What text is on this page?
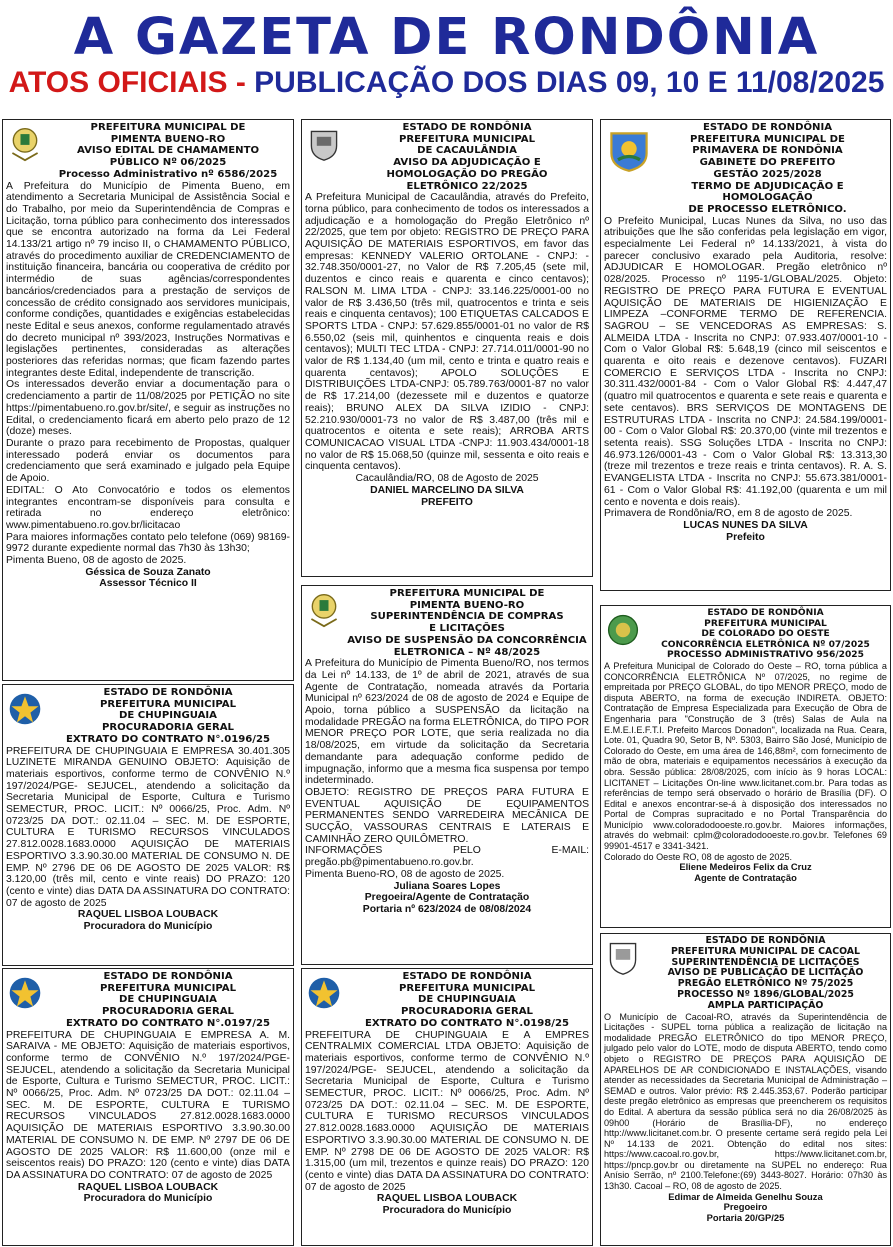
A GAZETA DE RONDÔNIA
ATOS OFICIAIS - PUBLICAÇÃO DOS DIAS 09, 10 E 11/08/2025
PREFEITURA MUNICIPAL DE
PIMENTA BUENO-RO
AVISO EDITAL DE CHAMAMENTO
PÚBLICO Nº 06/2025
Processo Administrativo nº 6586/2025
A Prefeitura do Município de Pimenta Bueno, em atendimento a Secretaria Municipal de Assistência Social e do Trabalho, por meio da Superintendência de Compras e Licitação, torna público para conhecimento dos interessados que se encontra autorizado na forma da Lei Federal 14.133/21 artigo nº 79 inciso II, o CHAMAMENTO PÚBLICO, através do procedimento auxiliar de CREDENCIAMENTO de instituição financeira, bancária ou cooperativa de crédito por intermédio de suas agências/correspondentes bancários/credenciados para a prestação de serviços de concessão de crédito consignado aos servidores municipais, conforme condições, quantidades e exigências estabelecidas neste Edital e seus anexos, conforme regulamentado através do decreto municipal nº 393/2023, Instruções Normativas e legislações pertinentes, consideradas as alterações posteriores das referidas normas; que ficam fazendo partes integrantes deste Edital, independente de transcrição.
Os interessados deverão enviar a documentação para o credenciamento a partir de 11/08/2025 por PETIÇÃO no site https://pimentabueno.ro.gov.br/site/, e seguir as instruções no Edital, o credenciamento ficará em aberto pelo prazo de 12 (doze) meses.
Durante o prazo para recebimento de Propostas, qualquer interessado poderá enviar os documentos para credenciamento que será examinado e julgado pela Equipe de Apoio.
EDITAL: O Ato Convocatório e todos os elementos integrantes encontram-se disponíveis para consulta e retirada no endereço eletrônico: www.pimentabueno.ro.gov.br/licitacao
Para maiores informações contato pelo telefone (069) 98169-9972 durante expediente normal das 7h30 às 13h30;
Pimenta Bueno, 08 de agosto de 2025.
Géssica de Souza Zanato
Assessor Técnico II
ESTADO DE RONDÔNIA
PREFEITURA MUNICIPAL
DE CHUPINGUAIA
PROCURADORIA GERAL
EXTRATO DO CONTRATO N°.0196/25
PREFEITURA DE CHUPINGUAIA E EMPRESA 30.401.305 LUZINETE MIRANDA GENUINO OBJETO: Aquisição de materiais esportivos, conforme termo de CONVÊNIO N.º 197/2024/PGE- SEJUCEL, atendendo a solicitação da Secretaria Municipal de Esporte, Cultura e Turismo SEMECTUR, PROC. LICIT.: Nº 0066/25, Proc. Adm. Nº 0723/25 DA DOT.: 02.11.04 – SEC. M. DE ESPORTE, CULTURA E TURISMO RECURSOS VINCULADOS 27.812.0028.1683.0000 AQUISIÇÃO DE MATERIAIS ESPORTIVO 3.3.90.30.00 MATERIAL DE CONSUMO N. DE EMP. Nº 2796 DE 06 DE AGOSTO DE 2025 VALOR: R$ 3.120,00 (três mil, cento e vinte reais) DO PRAZO: 120 (cento e vinte) dias DATA DA ASSINATURA DO CONTRATO: 07 de agosto de 2025
RAQUEL LISBOA LOUBACK
Procuradora do Município
ESTADO DE RONDÔNIA
PREFEITURA MUNICIPAL
DE CHUPINGUAIA
PROCURADORIA GERAL
EXTRATO DO CONTRATO N°.0197/25
PREFEITURA DE CHUPINGUAIA E EMPRESA A. M. SARAIVA - ME OBJETO: Aquisição de materiais esportivos, conforme termo de CONVÊNIO N.º 197/2024/PGE- SEJUCEL, atendendo a solicitação da Secretaria Municipal de Esporte, Cultura e Turismo SEMECTUR, PROC. LICIT.: Nº 0066/25, Proc. Adm. Nº 0723/25 DA DOT.: 02.11.04 – SEC. M. DE ESPORTE, CULTURA E TURISMO RECURSOS VINCULADOS 27.812.0028.1683.0000 AQUISIÇÃO DE MATERIAIS ESPORTIVO 3.3.90.30.00 MATERIAL DE CONSUMO N. DE EMP. Nº 2797 DE 06 DE AGOSTO DE 2025 VALOR: R$ 11.600,00 (onze mil e seiscentos reais) DO PRAZO: 120 (cento e vinte) dias DATA DA ASSINATURA DO CONTRATO: 07 de agosto de 2025
RAQUEL LISBOA LOUBACK
Procuradora do Município
ESTADO DE RONDÔNIA
PREFEITURA MUNICIPAL
DE CACAULÂNDIA
AVISO DA ADJUDICAÇÃO E
HOMOLOGAÇÃO DO PREGÃO
ELETRÔNICO 22/2025
A Prefeitura Municipal de Cacaulândia, através do Prefeito, torna público, para conhecimento de todos os interessados a adjudicação e a homologação do Pregão Eletrônico nº 22/2025, que tem por objeto: REGISTRO DE PREÇO PARA AQUISIÇÃO DE MATERIAIS ESPORTIVOS, em favor das empresas: KENNEDY VALERIO ORTOLANE - CNPJ: - 32.748.350/0001-27, no Valor de R$ 7.205,45 (sete mil, duzentos e cinco reais e quarenta e cinco centavos); RALSON M. LIMA LTDA - CNPJ: 33.146.225/0001-00 no valor de R$ 3.436,50 (três mil, quatrocentos e trinta e seis reais e cinquenta centavos); 100 ETIQUETAS CALCADOS E SPORTS LTDA - CNPJ: 57.629.855/0001-01 no valor de R$ 6.550,02 (seis mil, quinhentos e cinquenta reais e dois centavos); MULTI TEC LTDA - CNPJ: 27.714.011/0001-90 no valor de R$ 1.134,40 (um mil, cento e trinta e quatro reais e quarenta centavos); APOLO SOLUÇÕES E DISTRIBUIÇÕES LTDA-CNPJ: 05.789.763/0001-87 no valor de R$ 17.214,00 (dezessete mil e duzentos e quatorze reais); BRUNO ALEX DA SILVA IZIDIO - CNPJ: 52.210.930/0001-73 no valor de R$ 3.487,00 (três mil e quatrocentos e oitenta e sete reais); ARROBA ARTS COMUNICACAO VISUAL LTDA -CNPJ: 11.903.434/0001-18 no valor de R$ 15.068,50 (quinze mil, sessenta e oito reais e cinquenta centavos).
Cacaulândia/RO, 08 de Agosto de 2025
DANIEL MARCELINO DA SILVA
PREFEITO
PREFEITURA MUNICIPAL DE
PIMENTA BUENO-RO
SUPERINTENDÊNCIA DE COMPRAS
E LICITAÇÕES
AVISO DE SUSPENSÃO DA CONCORRÊNCIA
ELETRONICA – Nº 48/2025
A Prefeitura do Município de Pimenta Bueno/RO, nos termos da Lei nº 14.133, de 1º de abril de 2021, através de sua Agente de Contratação, nomeada através da Portaria Municipal nº 623/2024 de 08 de agosto de 2024 e Equipe de Apoio, torna público a SUSPENSÃO da licitação na modalidade PREGÃO na forma ELETRÔNICA, do TIPO POR MENOR PREÇO POR LOTE, que seria realizada no dia 18/08/2025, em virtude da solicitação da Secretaria demandante para adequação conforme pedido de impugnação, informo que a mesma fica suspensa por tempo indeterminado.
OBJETO: REGISTRO DE PREÇOS PARA FUTURA E EVENTUAL AQUISIÇÃO DE EQUIPAMENTOS PERMANENTES SENDO VARREDEIRA MECÂNICA DE SUCÇÃO, VASSOURAS CENTRAIS E LATERAIS E CAMINHÃO ZERO QUILÔMETRO.
INFORMAÇÕES PELO E-MAIL: pregão.pb@pimentabueno.ro.gov.br.
Pimenta Bueno-RO, 08 de agosto de 2025.
Juliana Soares Lopes
Pregoeira/Agente de Contratação
Portaria nº 623/2024 de 08/08/2024
ESTADO DE RONDÔNIA
PREFEITURA MUNICIPAL
DE CHUPINGUAIA
PROCURADORIA GERAL
EXTRATO DO CONTRATO N°.0198/25
PREFEITURA DE CHUPINGUAIA E A EMPRES CENTRALMIX COMERCIAL LTDA OBJETO: Aquisição de materiais esportivos, conforme termo de CONVÊNIO N.º 197/2024/PGE- SEJUCEL, atendendo a solicitação da Secretaria Municipal de Esporte, Cultura e Turismo SEMECTUR, PROC. LICIT.: Nº 0066/25, Proc. Adm. Nº 0723/25 DA DOT.: 02.11.04 – SEC. M. DE ESPORTE, CULTURA E TURISMO RECURSOS VINCULADOS 27.812.0028.1683.0000 AQUISIÇÃO DE MATERIAIS ESPORTIVO 3.3.90.30.00 MATERIAL DE CONSUMO N. DE EMP. Nº 2798 DE 06 DE AGOSTO DE 2025 VALOR: R$ 1.315,00 (um mil, trezentos e quinze reais) DO PRAZO: 120 (cento e vinte) dias DATA DA ASSINATURA DO CONTRATO: 07 de agosto de 2025
RAQUEL LISBOA LOUBACK
Procuradora do Município
ESTADO DE RONDÔNIA
PREFEITURA MUNICIPAL DE
PRIMAVERA DE RONDÔNIA
GABINETE DO PREFEITO
GESTÃO 2025/2028
TERMO DE ADJUDICAÇÃO E HOMOLOGAÇÃO
DE PROCESSO ELETRÔNICO.
O Prefeito Municipal, Lucas Nunes da Silva, no uso das atribuições que lhe são conferidas pela legislação em vigor, especialmente Lei Federal nº 14.133/2021, à vista do parecer conclusivo exarado pela Auditoria, resolve: ADJUDICAR E HOMOLOGAR. Pregão eletrônico nº 028/2025. Processo nº 1195-1/GLOBAL/2025. Objeto: REGISTRO DE PREÇO PARA FUTURA E EVENTUAL AQUISIÇÃO DE MATERIAIS DE HIGIENIZAÇÃO E LIMPEZA –CONFORME TERMO DE REFERENCIA. SAGROU – SE VENCEDORAS AS EMPRESAS: S. ALMEIDA LTDA - Inscrita no CNPJ: 07.933.407/0001-10 - Com o Valor Global R$: 5.648,19 (cinco mil seiscentos e quarenta e oito reais e dezenove centavos). FUZARI COMERCIO E SERVIÇOS LTDA - Inscrita no CNPJ: 30.311.432/0001-84 - Com o Valor Global R$: 4.447,47 (quatro mil quatrocentos e quarenta e sete reais e quarenta e sete centavos). BRS SERVIÇOS DE MONTAGENS DE ESTRUTURAS LTDA - Inscrita no CNPJ: 24.584.199/0001-00 - Com o Valor Global R$: 20.370,00 (vinte mil trezentos e setenta reais). SSG Soluções LTDA - Inscrita no CNPJ: 46.973.126/0001-43 - Com o Valor Global R$: 13.313,30 (treze mil trezentos e treze reais e trinta centavos). R. A. S. EVANGELISTA LTDA - Inscrita no CNPJ: 55.673.381/0001-61 - Com o Valor Global R$: 41.192,00 (quarenta e um mil cento e noventa e dois reais).
Primavera de Rondônia/RO, em 8 de agosto de 2025.
LUCAS NUNES DA SILVA
Prefeito
ESTADO DE RONDÔNIA
PREFEITURA MUNICIPAL
DE COLORADO DO OESTE
CONCORRÊNCIA ELETRÔNICA Nº 07/2025
PROCESSO ADMINISTRATIVO 956/2025
A Prefeitura Municipal de Colorado do Oeste – RO, torna pública a CONCORRÊNCIA ELETRÔNICA Nº 07/2025, no regime de empreitada por PREÇO GLOBAL, do tipo MENOR PREÇO, modo de disputa ABERTO, na forma de execução INDIRETA. OBJETO: Contratação de Empresa Especializada para Execução de Obra de Engenharia para "Construção de 3 (três) Salas de Aula na E.M.E.I.E.F.T.I. Prefeito Marcos Donadon", localizada na Rua. Ceara, Lote. 01, Quadra 90, Setor B, Nº. 5303, Bairro São José, Município de Colorado do Oeste, em uma área de 146,88m², com fornecimento de mão de obra, materiais e equipamentos necessários à execução da obra. Sessão pública: 28/08/2025, com início às 9 horas LOCAL: LICITANET – Licitações On-line www.licitanet.com.br. Para todas as referências de tempo será observado o horário de Brasília (DF). O Edital e anexos encontrar-se-á à disposição dos interessados no Portal de Compras supracitado e no Portal Transparência do Município www.coloradodooeste.ro.gov.br. Maiores informações, através do webmail: cplm@coloradodooeste.ro.gov.br. Telefones 69 99901-4517 e 3341-3421.
Colorado do Oeste RO, 08 de agosto de 2025.
Eliene Medeiros Felix da Cruz
Agente de Contratação
ESTADO DE RONDÔNIA
PREFEITURA MUNICIPAL DE CACOAL
SUPERINTENDÊNCIA DE LICITAÇÕES
AVISO DE PUBLICAÇÃO DE LICITAÇÃO
PREGÃO ELETRÔNICO Nº 75/2025
PROCESSO Nº 1896/GLOBAL/2025
AMPLA PARTICIPAÇÃO
O Município de Cacoal-RO, através da Superintendência de Licitações - SUPEL torna pública a realização de licitação na modalidade PREGÃO ELETRÔNICO do tipo MENOR PREÇO, julgado pelo valor do LOTE, modo de disputa ABERTO, tendo como objeto o REGISTRO DE PREÇOS PARA AQUISIÇÃO DE APARELHOS DE AR CONDICIONADO E INSTALAÇÕES, visando atender as necessidades da Secretaria Municipal de Administração – SEMAD e outros. Valor prévio: R$ 2.445.353,67. Poderão participar deste pregão eletrônico as empresas que preencherem os requisitos do Edital. A abertura da sessão pública será no dia 26/08/2025 às 09h00 (Horário de Brasília-DF), no endereço http://www.licitanet.com.br. O presente certame será regido pela Lei Nº 14.133 de 2021. Obtenção do edital nos sites: https://www.cacoal.ro.gov.br, https://www.licitanet.com.br, https://pncp.gov.br ou diretamente na SUPEL no endereço: Rua Anísio Serrão, nº 2100.Telefone:(69) 3443-8027. Horário: 07h30 às 13h30. Cacoal – RO, 08 de agosto de 2025.
Edimar de Almeida Genelhu Souza
Pregoeiro
Portaria 20/GP/25
